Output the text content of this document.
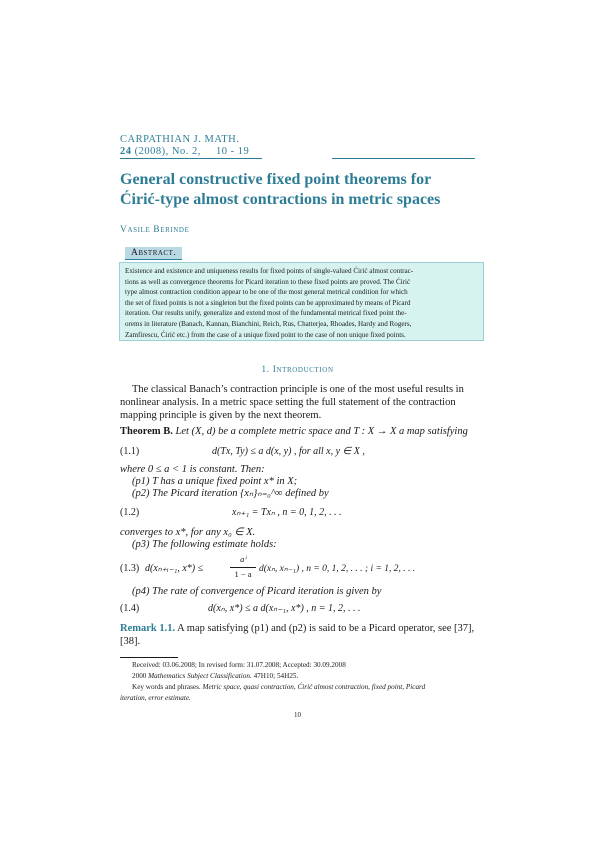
CARPATHIAN J. MATH.
24 (2008), No. 2, 10 - 19
General constructive fixed point theorems for
Ćirić-type almost contractions in metric spaces
Vasile Berinde
Abstract.
Existence and existence and uniqueness results for fixed points of single-valued Ćirić almost contrac-
tions as well as convergence theorems for Picard iteration to these fixed points are proved. The Ćirić
type almost contraction condition appear to be one of the most general metrical condition for which
the set of fixed points is not a singleton but the fixed points can be approximated by means of Picard
iteration. Our results unify, generalize and extend most of the fundamental metrical fixed point the-
orems in literature (Banach, Kannan, Bianchini, Reich, Rus, Chatterjea, Rhoades, Hardy and Rogers,
Zamfirescu, Ćirić etc.) from the case of a unique fixed point to the case of non unique fixed points.
1. Introduction
The classical Banach’s contraction principle is one of the most useful results in
nonlinear analysis. In a metric space setting the full statement of the contraction
mapping principle is given by the next theorem.
Theorem B. Let (X, d) be a complete metric space and T : X → X a map satisfying
(1.1)	d(Tx, Ty) ≤ a d(x, y) , for all x, y ∈ X ,
where 0 ≤ a < 1 is constant. Then:
(p1) T has a unique fixed point x* in X;
(p2) The Picard iteration {xₙ}ₙ₌₀^∞ defined by
(1.2)	xₙ₊₁ = Txₙ , n = 0, 1, 2, . . .
converges to x*, for any x₀ ∈ X.
(p3) The following estimate holds:
(1.3) d(xₙ₊ᵢ₋₁, x*) ≤
aⁱ
1 − a d(xₙ, xₙ₋₁) , n = 0, 1, 2, . . . ; i = 1, 2, . . .
(p4) The rate of convergence of Picard iteration is given by
(1.4)	d(xₙ, x*) ≤ a d(xₙ₋₁, x*) , n = 1, 2, . . .
Remark 1.1. A map satisfying (p1) and (p2) is said to be a Picard operator, see [37],
[38].
Received: 03.06.2008; In revised form: 31.07.2008; Accepted: 30.09.2008
2000 Mathematics Subject Classification. 47H10; 54H25.
Key words and phrases. Metric space, quasi contraction, Ćirić almost contraction, fixed point, Picard
iteration, error estimate.
10
